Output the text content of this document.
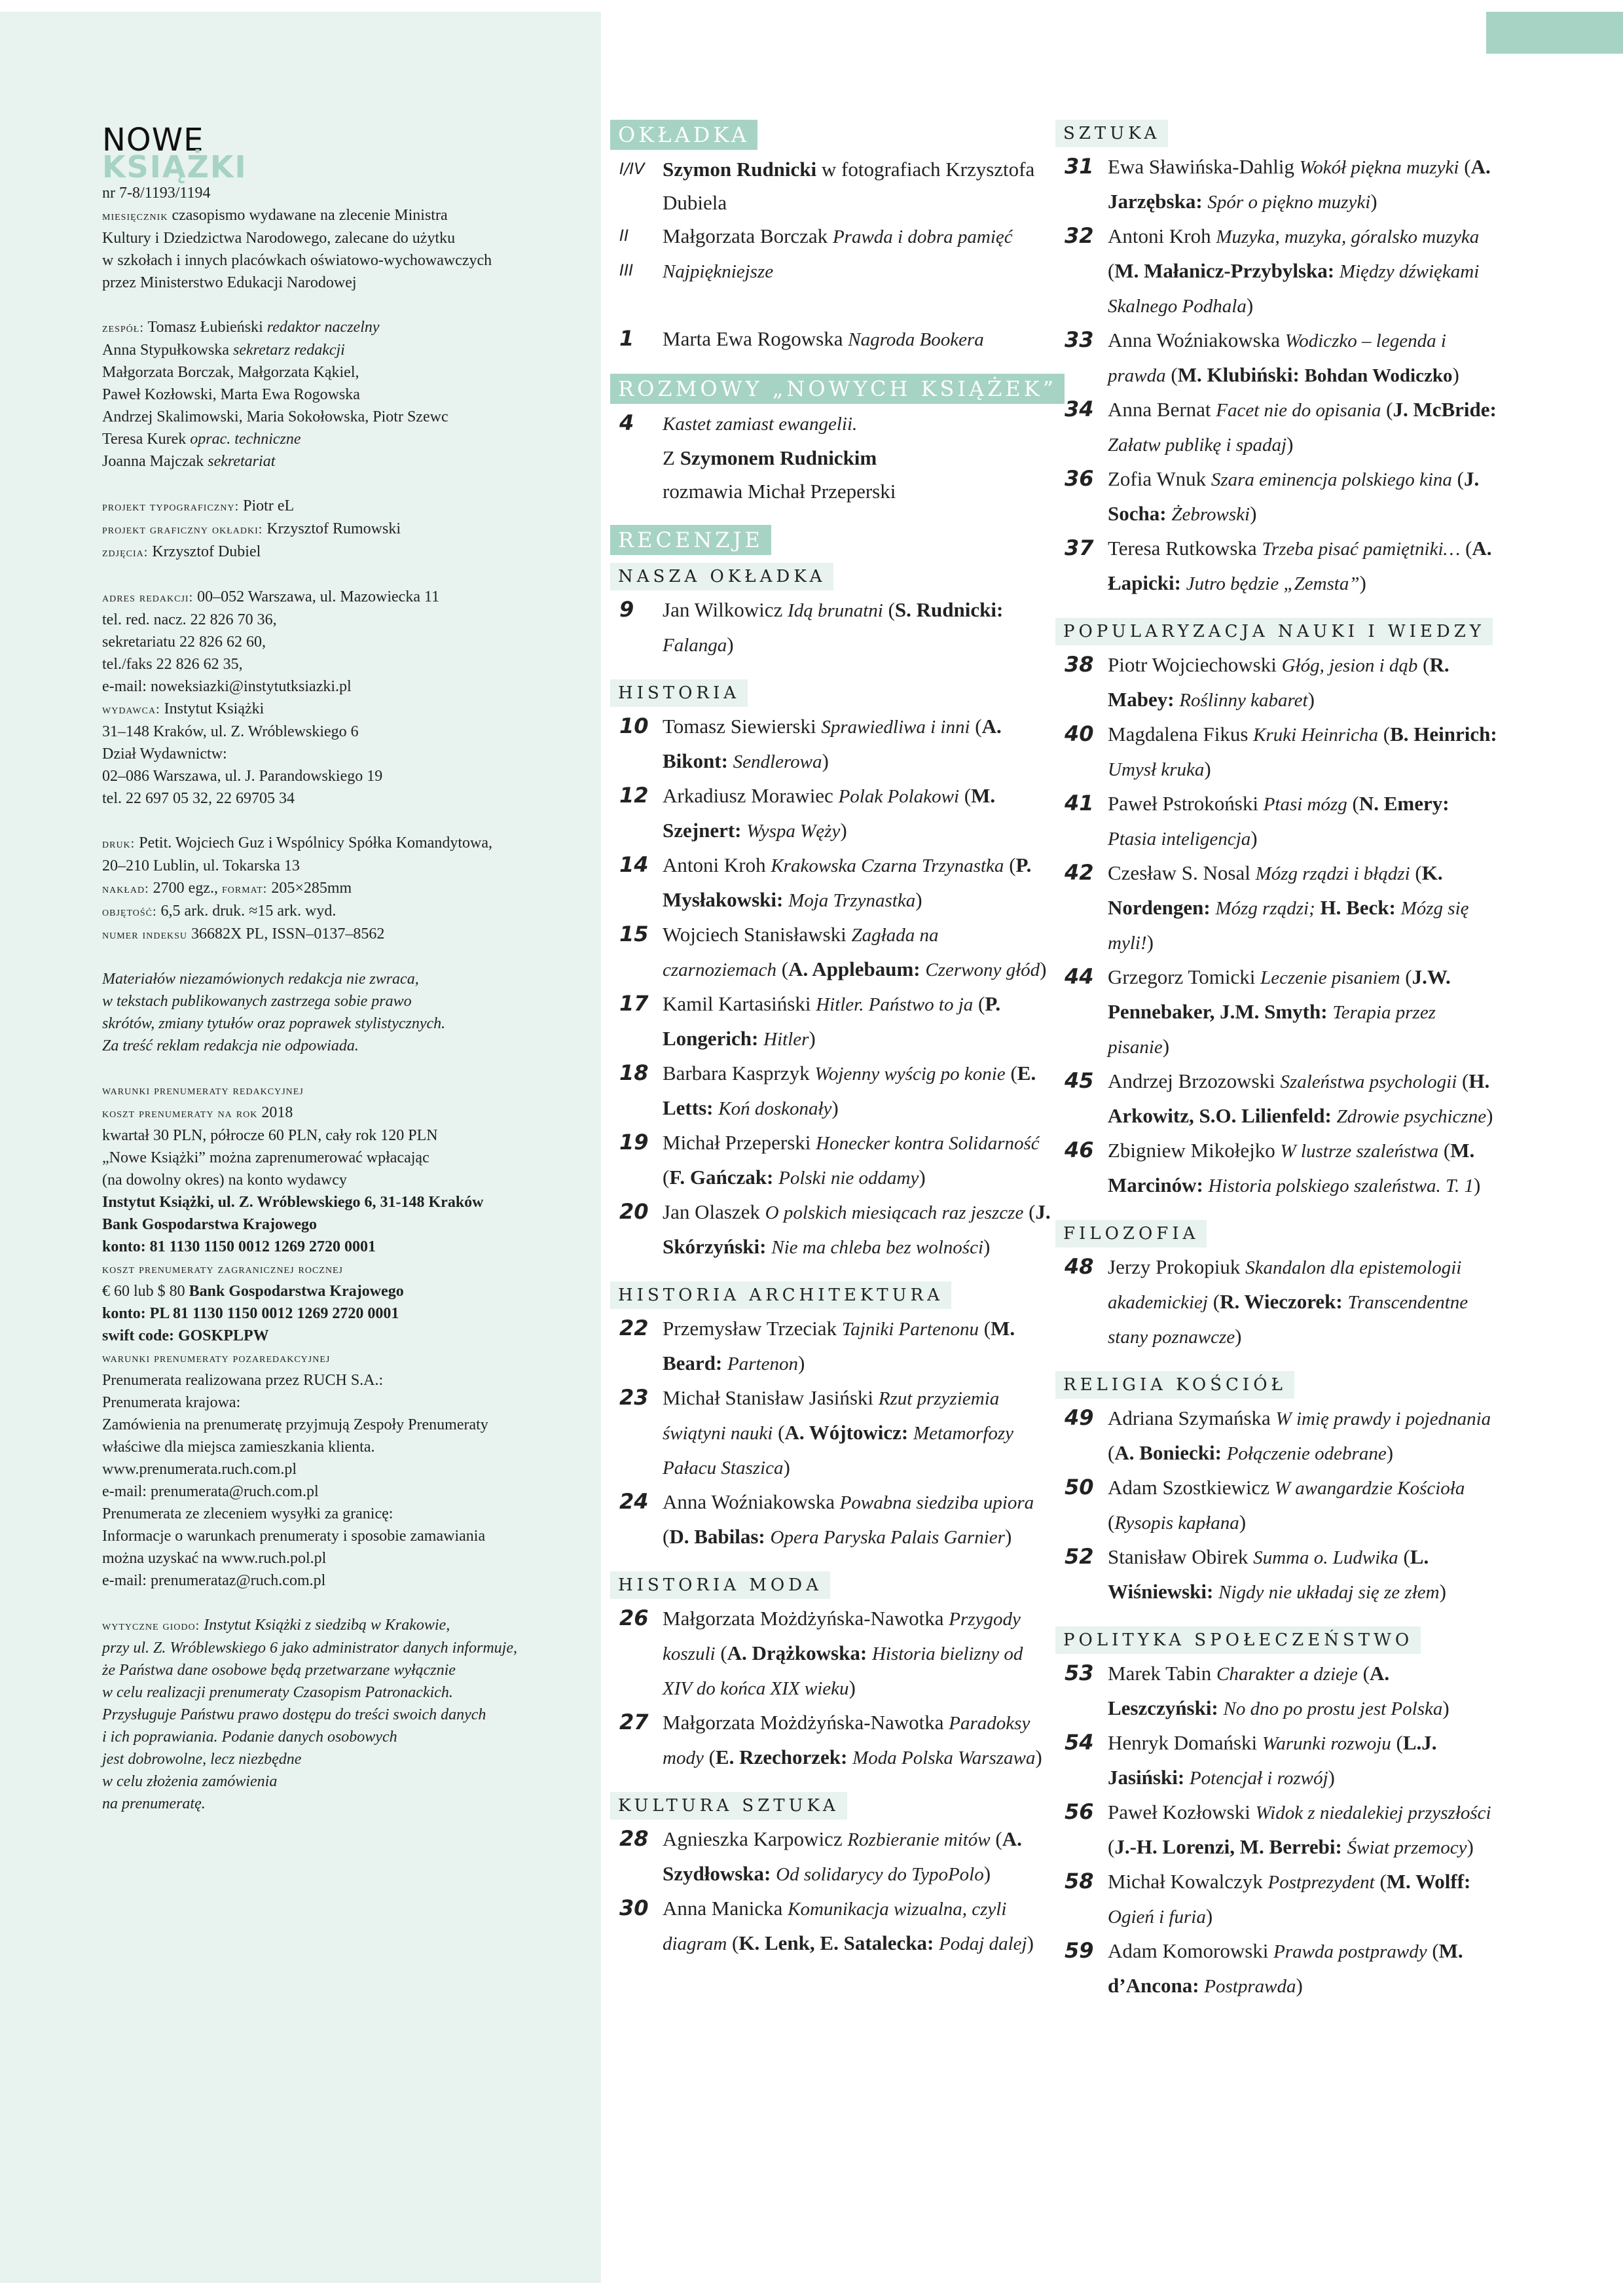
NOWE
KSIĄŻKI
nr 7-8/1193/1194
miesięcznik czasopismo wydawane na zlecenie Ministra
Kultury i Dziedzictwa Narodowego, zalecane do użytku
w szkołach i innych placówkach oświatowo-wychowawczych
przez Ministerstwo Edukacji Narodowej
zespół: Tomasz Łubieński redaktor naczelny
Anna Stypułkowska sekretarz redakcji
Małgorzata Borczak, Małgorzata Kąkiel,
Paweł Kozłowski, Marta Ewa Rogowska
Andrzej Skalimowski, Maria Sokołowska, Piotr Szewc
Teresa Kurek oprac. techniczne
Joanna Majczak sekretariat
projekt typograficzny: Piotr eL
projekt graficzny okładki: Krzysztof Rumowski
zdjęcia: Krzysztof Dubiel
adres redakcji: 00–052 Warszawa, ul. Mazowiecka 11
tel. red. nacz. 22 826 70 36,
sekretariatu 22 826 62 60,
tel./faks 22 826 62 35,
e-mail: noweksiazki@instytutksiazki.pl
wydawca: Instytut Książki
31–148 Kraków, ul. Z. Wróblewskiego 6
Dział Wydawnictw:
02–086 Warszawa, ul. J. Parandowskiego 19
tel. 22 697 05 32, 22 69705 34
druk: Petit. Wojciech Guz i Wspólnicy Spółka Komandytowa,
20–210 Lublin, ul. Tokarska 13
nakład: 2700 egz., format: 205×285mm
objętość: 6,5 ark. druk. ≈15 ark. wyd.
numer indeksu 36682X PL, ISSN–0137–8562
Materiałów niezamówionych redakcja nie zwraca,
w tekstach publikowanych zastrzega sobie prawo
skrótów, zmiany tytułów oraz poprawek stylistycznych.
Za treść reklam redakcja nie odpowiada.
warunki prenumeraty redakcyjnej
koszt prenumeraty na rok 2018
kwartał 30 PLN, półrocze 60 PLN, cały rok 120 PLN
„Nowe Książki” można zaprenumerować wpłacając
(na dowolny okres) na konto wydawcy
Instytut Książki, ul. Z. Wróblewskiego 6, 31-148 Kraków
Bank Gospodarstwa Krajowego
konto: 81 1130 1150 0012 1269 2720 0001
koszt prenumeraty zagranicznej rocznej
€ 60 lub $ 80 Bank Gospodarstwa Krajowego
konto: PL 81 1130 1150 0012 1269 2720 0001
swift code: GOSKPLPW
warunki prenumeraty pozaredakcyjnej
Prenumerata realizowana przez RUCH S.A.:
Prenumerata krajowa:
Zamówienia na prenumeratę przyjmują Zespoły Prenumeraty
właściwe dla miejsca zamieszkania klienta.
www.prenumerata.ruch.com.pl
e-mail: prenumerata@ruch.com.pl
Prenumerata ze zleceniem wysyłki za granicę:
Informacje o warunkach prenumeraty i sposobie zamawiania
można uzyskać na www.ruch.pol.pl
e-mail: prenumerataz@ruch.com.pl
wytyczne giodo: Instytut Książki z siedzibą w Krakowie,
przy ul. Z. Wróblewskiego 6 jako administrator danych informuje,
że Państwa dane osobowe będą przetwarzane wyłącznie
w celu realizacji prenumeraty Czasopism Patronackich.
Przysługuje Państwu prawo dostępu do treści swoich danych
i ich poprawiania. Podanie danych osobowych
jest dobrowolne, lecz niezbędne
w celu złożenia zamówienia
na prenumeratę.
OKŁADKA
I/IV Szymon Rudnicki w fotografiach Krzysztofa Dubiela
II Małgorzata Borczak Prawda i dobra pamięć
III Najpiękniejsze

1 Marta Ewa Rogowska Nagroda Bookera
ROZMOWY „NOWYCH KSIĄŻEK”
4 Kastet zamiast ewangelii.
Z Szymonem Rudnickim
rozmawia Michał Przeperski
RECENZJE
NASZA OKŁADKA
9 Jan Wilkowicz Idą brunatni (S. Rudnicki: Falanga)
HISTORIA
10 Tomasz Siewierski Sprawiedliwa i inni (A. Bikont: Sendlerowa)
12 Arkadiusz Morawiec Polak Polakowi (M. Szejnert: Wyspa Węży)
14 Antoni Kroh Krakowska Czarna Trzynastka (P. Mysłakowski: Moja Trzynastka)
15 Wojciech Stanisławski Zagłada na czarnoziemach (A. Applebaum: Czerwony głód)
17 Kamil Kartasiński Hitler. Państwo to ja (P. Longerich: Hitler)
18 Barbara Kasprzyk Wojenny wyścig po konie (E. Letts: Koń doskonały)
19 Michał Przeperski Honecker kontra Solidarność (F. Gańczak: Polski nie oddamy)
20 Jan Olaszek O polskich miesiącach raz jeszcze (J. Skórzyński: Nie ma chleba bez wolności)
HISTORIA ARCHITEKTURA
22 Przemysław Trzeciak Tajniki Partenonu (M. Beard: Partenon)
23 Michał Stanisław Jasiński Rzut przyziemia świątyni nauki (A. Wójtowicz: Metamorfozy Pałacu Staszica)
24 Anna Woźniakowska Powabna siedziba upiora (D. Babilas: Opera Paryska Palais Garnier)
HISTORIA MODA
26 Małgorzata Możdżyńska-Nawotka Przygody koszuli (A. Drążkowska: Historia bielizny od XIV do końca XIX wieku)
27 Małgorzata Możdżyńska-Nawotka Paradoksy mody (E. Rzechorzek: Moda Polska Warszawa)
KULTURA SZTUKA
28 Agnieszka Karpowicz Rozbieranie mitów (A. Szydłowska: Od solidarycy do TypoPolo)
30 Anna Manicka Komunikacja wizualna, czyli diagram (K. Lenk, E. Satalecka: Podaj dalej)
SZTUKA
31 Ewa Sławińska-Dahlig Wokół piękna muzyki (A. Jarzębska: Spór o piękno muzyki)
32 Antoni Kroh Muzyka, muzyka, góralsko muzyka (M. Małanicz-Przybylska: Między dźwiękami Skalnego Podhala)
33 Anna Woźniakowska Wodiczko – legenda i prawda (M. Klubiński: Bohdan Wodiczko)
34 Anna Bernat Facet nie do opisania (J. McBride: Załatw publikę i spadaj)
36 Zofia Wnuk Szara eminencja polskiego kina (J. Socha: Żebrowski)
37 Teresa Rutkowska Trzeba pisać pamiętniki… (A. Łapicki: Jutro będzie „Zemsta”)
POPULARYZACJA NAUKI I WIEDZY
38 Piotr Wojciechowski Głóg, jesion i dąb (R. Mabey: Roślinny kabaret)
40 Magdalena Fikus Kruki Heinricha (B. Heinrich: Umysł kruka)
41 Paweł Pstrokoński Ptasi mózg (N. Emery: Ptasia inteligencja)
42 Czesław S. Nosal Mózg rządzi i błądzi (K. Nordengen: Mózg rządzi; H. Beck: Mózg się myli!)
44 Grzegorz Tomicki Leczenie pisaniem (J.W. Pennebaker, J.M. Smyth: Terapia przez pisanie)
45 Andrzej Brzozowski Szaleństwa psychologii (H. Arkowitz, S.O. Lilienfeld: Zdrowie psychiczne)
46 Zbigniew Mikołejko W lustrze szaleństwa (M. Marcinów: Historia polskiego szaleństwa. T. 1)
FILOZOFIA
48 Jerzy Prokopiuk Skandalon dla epistemologii akademickiej (R. Wieczorek: Transcendentne stany poznawcze)
RELIGIA KOŚCIÓŁ
49 Adriana Szymańska W imię prawdy i pojednania (A. Boniecki: Połączenie odebrane)
50 Adam Szostkiewicz W awangardzie Kościoła (Rysopis kapłana)
52 Stanisław Obirek Summa o. Ludwika (L. Wiśniewski: Nigdy nie układaj się ze złem)
POLITYKA SPOŁECZEŃSTWO
53 Marek Tabin Charakter a dzieje (A. Leszczyński: No dno po prostu jest Polska)
54 Henryk Domański Warunki rozwoju (L.J. Jasiński: Potencjał i rozwój)
56 Paweł Kozłowski Widok z niedalekiej przyszłości (J.-H. Lorenzi, M. Berrebi: Świat przemocy)
58 Michał Kowalczyk Postprezydent (M. Wolff: Ogień i furia)
59 Adam Komorowski Prawda postprawdy (M. d’Ancona: Postprawda)
